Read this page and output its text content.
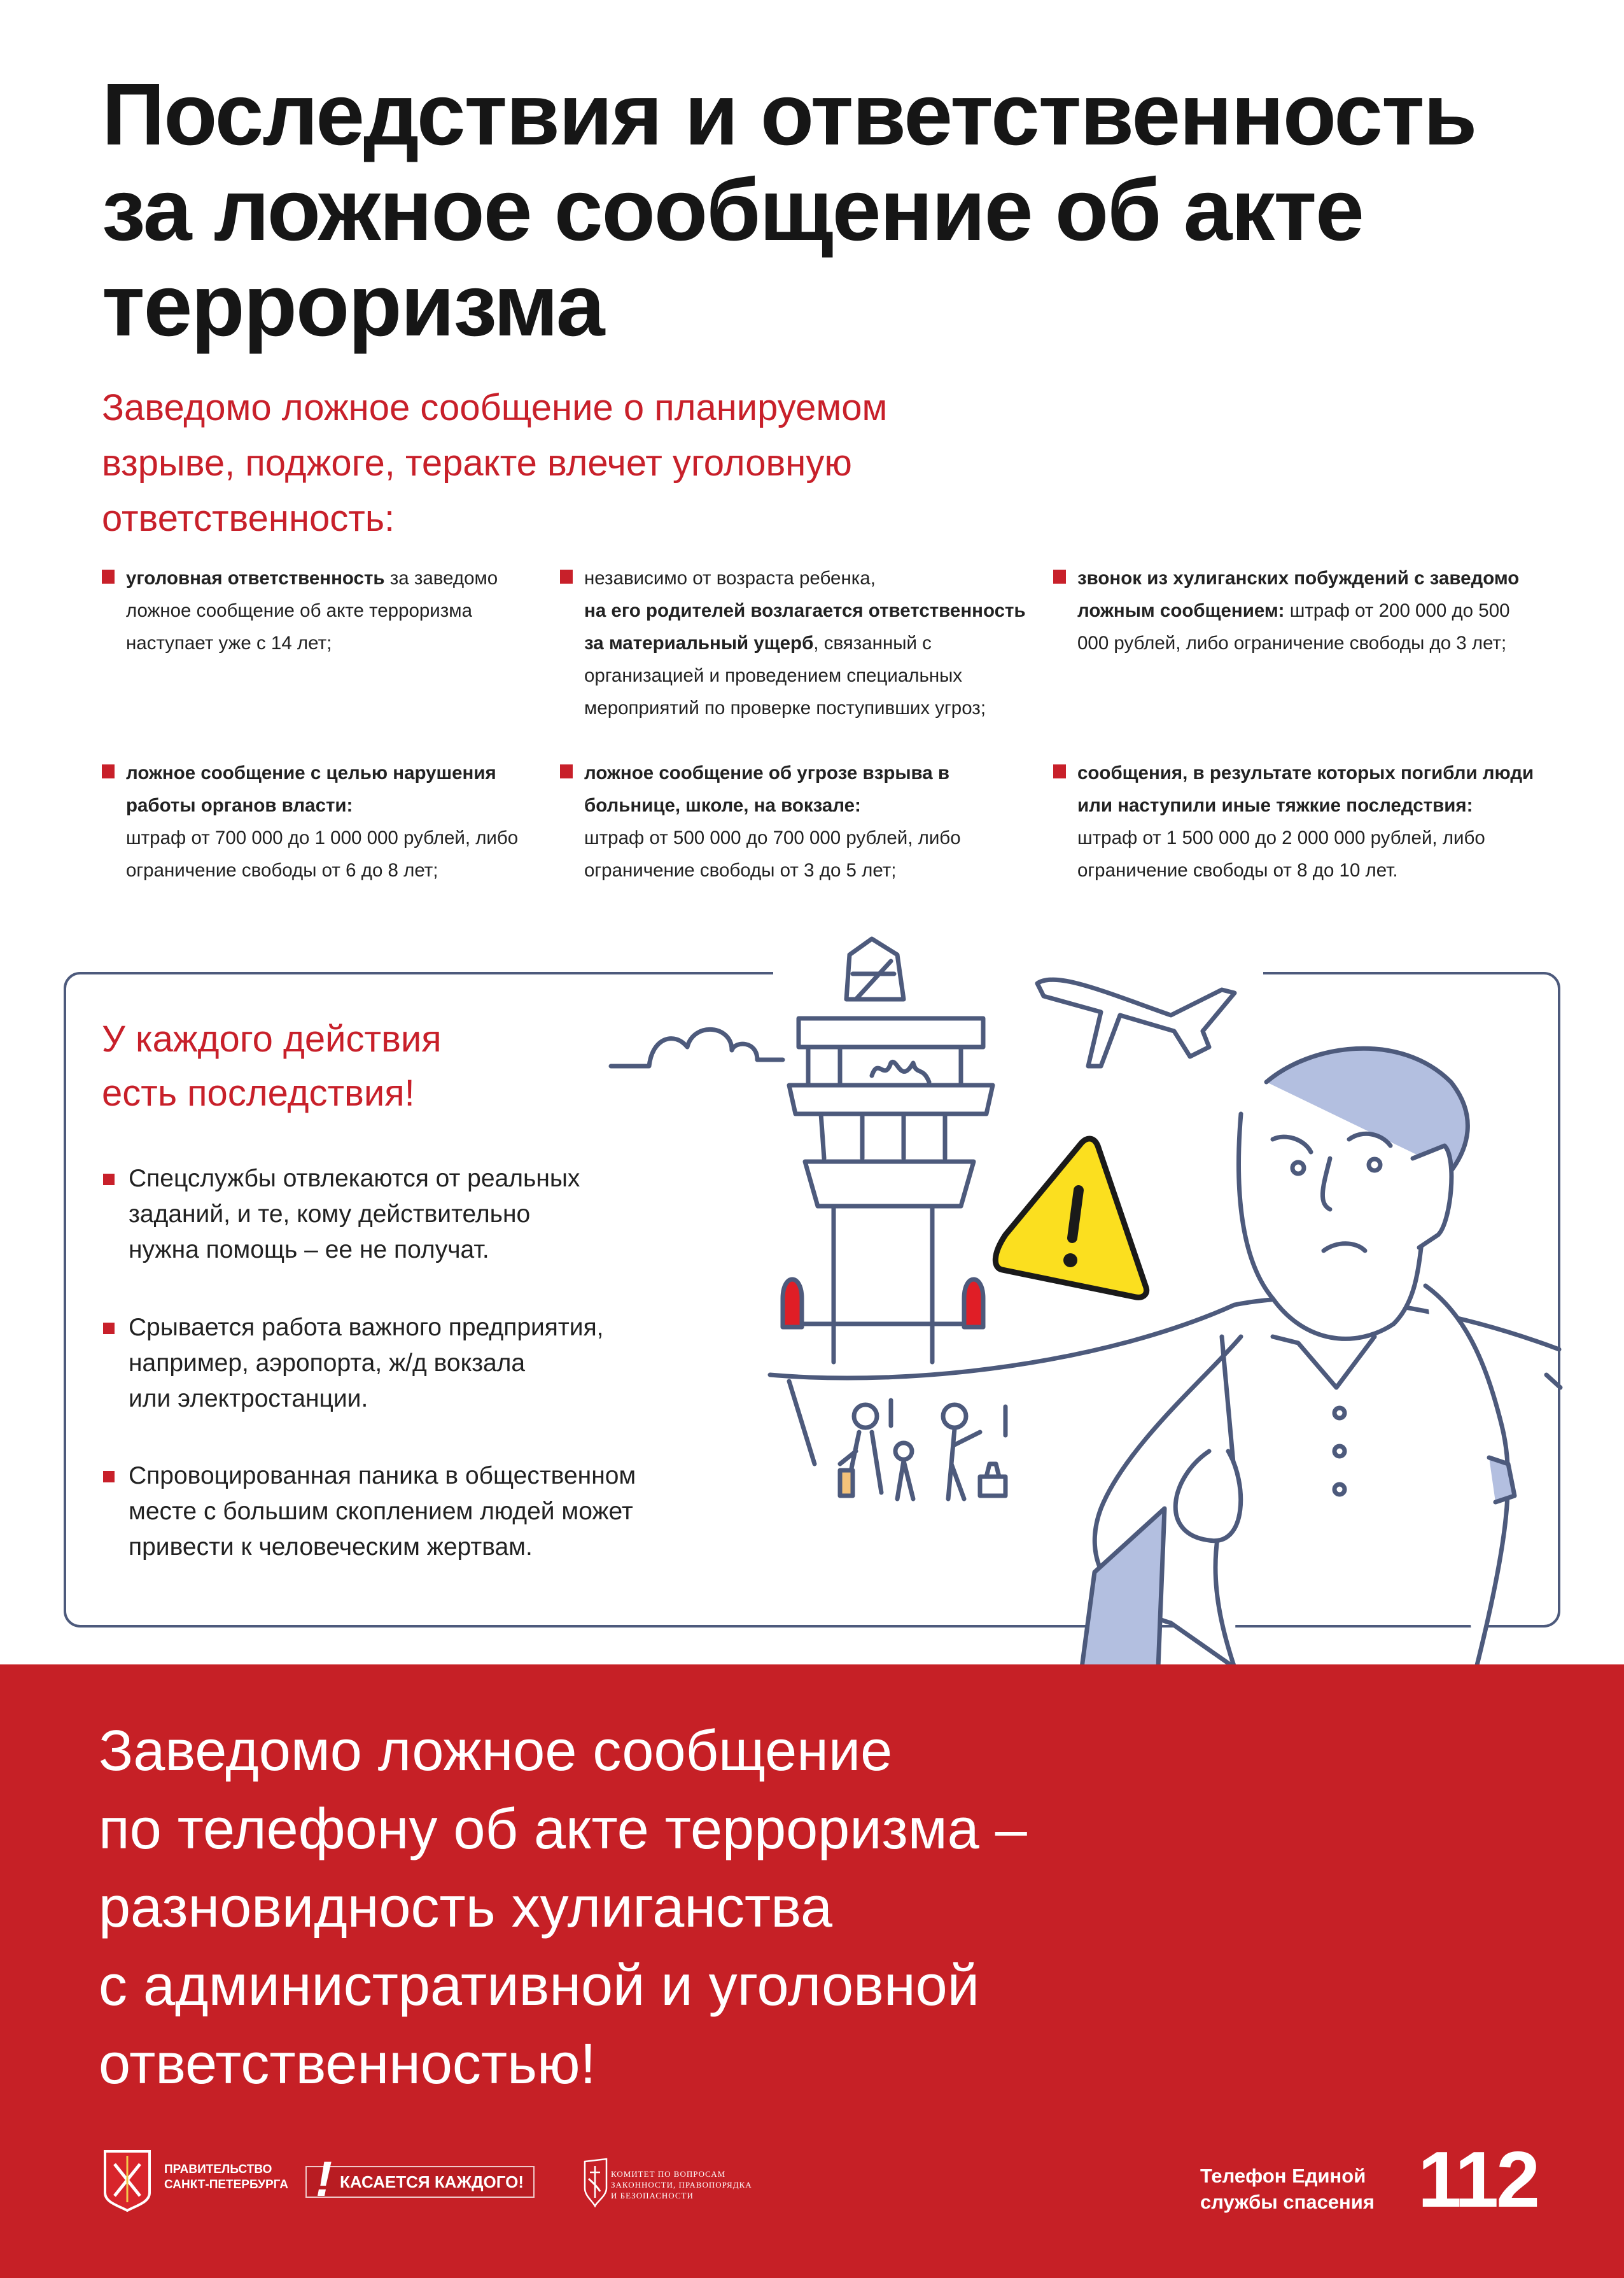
Последствия и ответственность
за ложное сообщение об акте
терроризма
Заведомо ложное сообщение о планируемом
взрыве, поджоге, теракте влечет уголовную
ответственность:
уголовная ответственность за заведомо ложное сообщение об акте терроризма наступает уже с 14 лет;
независимо от возраста ребенка,
на его родителей возлагается ответственность за материальный ущерб, связанный с организацией и проведением специальных мероприятий по проверке поступивших угроз;
звонок из хулиганских побуждений с заведомо ложным сообщением: штраф от 200 000 до 500 000 рублей, либо ограничение свободы до 3 лет;
ложное сообщение с целью нарушения работы органов власти:
штраф от 700 000 до 1 000 000 рублей, либо ограничение свободы от 6 до 8 лет;
ложное сообщение об угрозе взрыва в больнице, школе, на вокзале:
штраф от 500 000 до 700 000 рублей, либо ограничение свободы от 3 до 5 лет;
сообщения, в результате которых погибли люди или наступили иные тяжкие последствия:
штраф от 1 500 000 до 2 000 000 рублей, либо ограничение свободы от 8 до 10 лет.
У каждого действия
есть последствия!
Спецслужбы отвлекаются от реальных
заданий, и те, кому действительно
нужна помощь – ее не получат.
Срывается работа важного предприятия,
например, аэропорта, ж/д вокзала
или электростанции.
Спровоцированная паника в общественном
месте с большим скоплением людей может
привести к человеческим жертвам.
Заведомо ложное сообщение
по телефону об акте терроризма –
разновидность хулиганства
с административной и уголовной
ответственностью!
ПРАВИТЕЛЬСТВО
САНКТ-ПЕТЕРБУРГА ! КАСАЕТСЯ КАЖДОГО!	КОМИТЕТ ПО ВОПРОСАМ
ЗАКОННОСТИ, ПРАВОПОРЯДКА
И БЕЗОПАСНОСТИ
Телефон Единой
службы спасения 112
